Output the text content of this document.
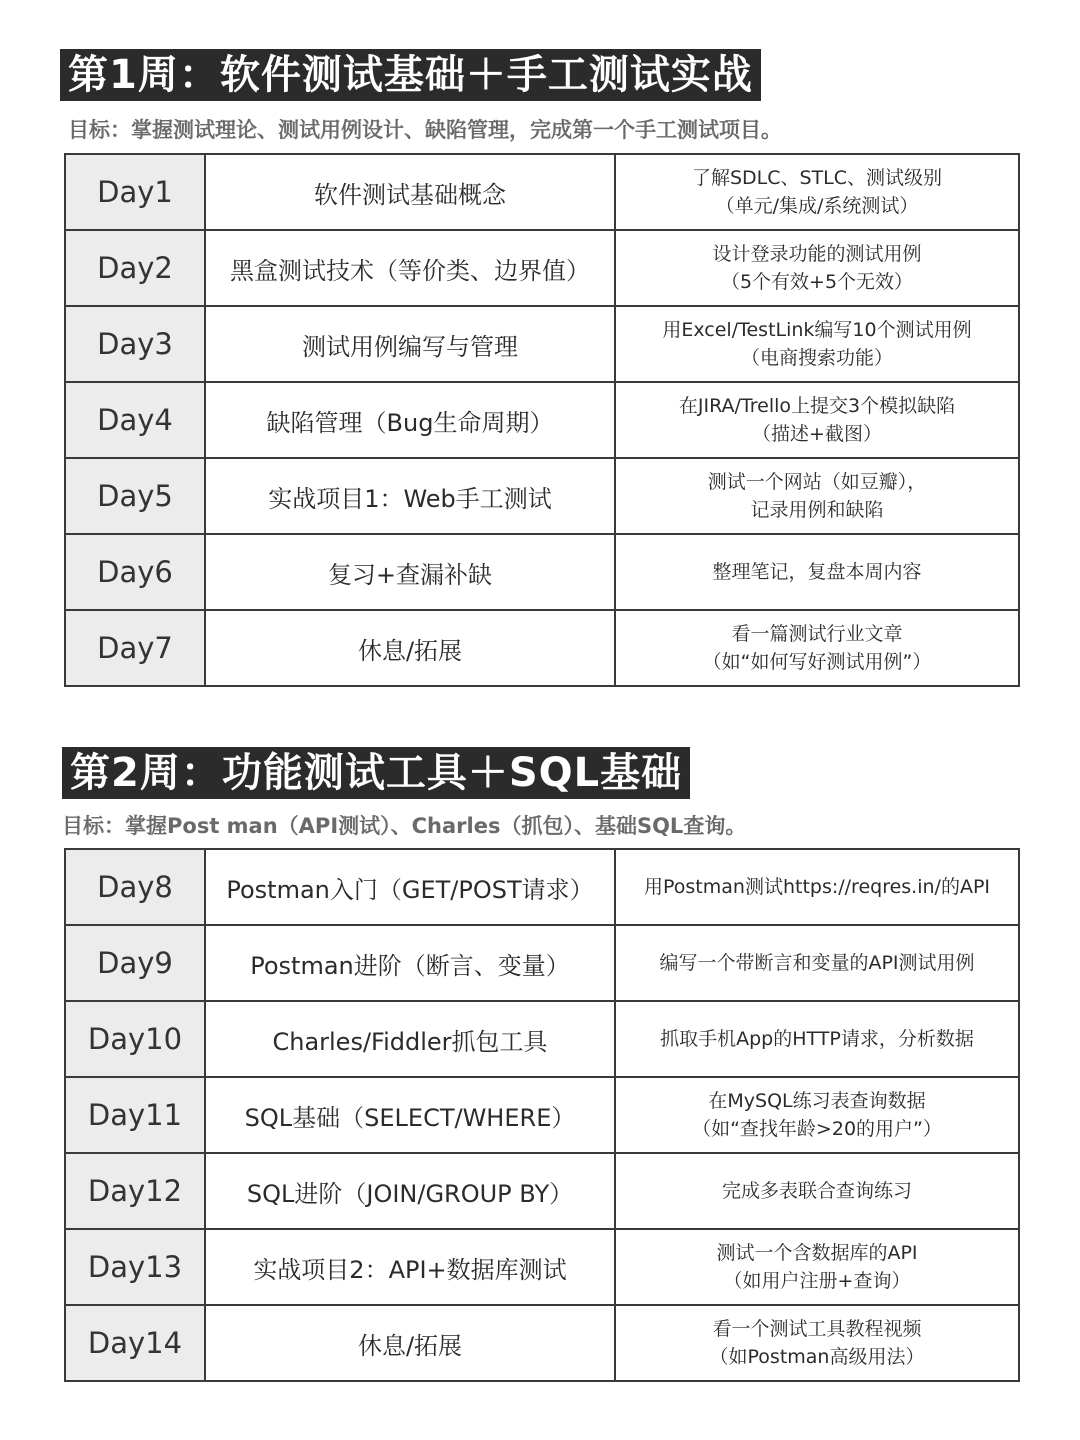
第1周：软件测试基础＋手工测试实战
目标：掌握测试理论、测试用例设计、缺陷管理，完成第一个手工测试项目。
Day1	软件测试基础概念	了解SDLC、STLC、测试级别
（单元/集成/系统测试）

Day2	黑盒测试技术（等价类、边界值）	设计登录功能的测试用例
（5个有效+5个无效）

Day3	测试用例编写与管理	用Excel/TestLink编写10个测试用例
（电商搜索功能）

Day4	缺陷管理（Bug生命周期）	在JIRA/Trello上提交3个模拟缺陷
（描述+截图）

Day5	实战项目1：Web手工测试	测试一个网站（如豆瓣），
记录用例和缺陷

Day6	复习+查漏补缺	整理笔记，复盘本周内容

Day7	休息/拓展	看一篇测试行业文章
（如“如何写好测试用例”）
第2周：功能测试工具＋SQL基础
目标：掌握Post man（API测试）、Charles（抓包）、基础SQL查询。
Day8	Postman入门（GET/POST请求）	用Postman测试https://reqres.in/的API

Day9	Postman进阶（断言、变量）	编写一个带断言和变量的API测试用例

Day10	Charles/Fiddler抓包工具	抓取手机App的HTTP请求，分析数据

Day11	SQL基础（SELECT/WHERE）	在MySQL练习表查询数据
（如“查找年龄>20的用户”）

Day12	SQL进阶（JOIN/GROUP BY）	完成多表联合查询练习

Day13	实战项目2：API+数据库测试	测试一个含数据库的API
（如用户注册+查询）

Day14	休息/拓展	看一个测试工具教程视频
（如Postman高级用法）
